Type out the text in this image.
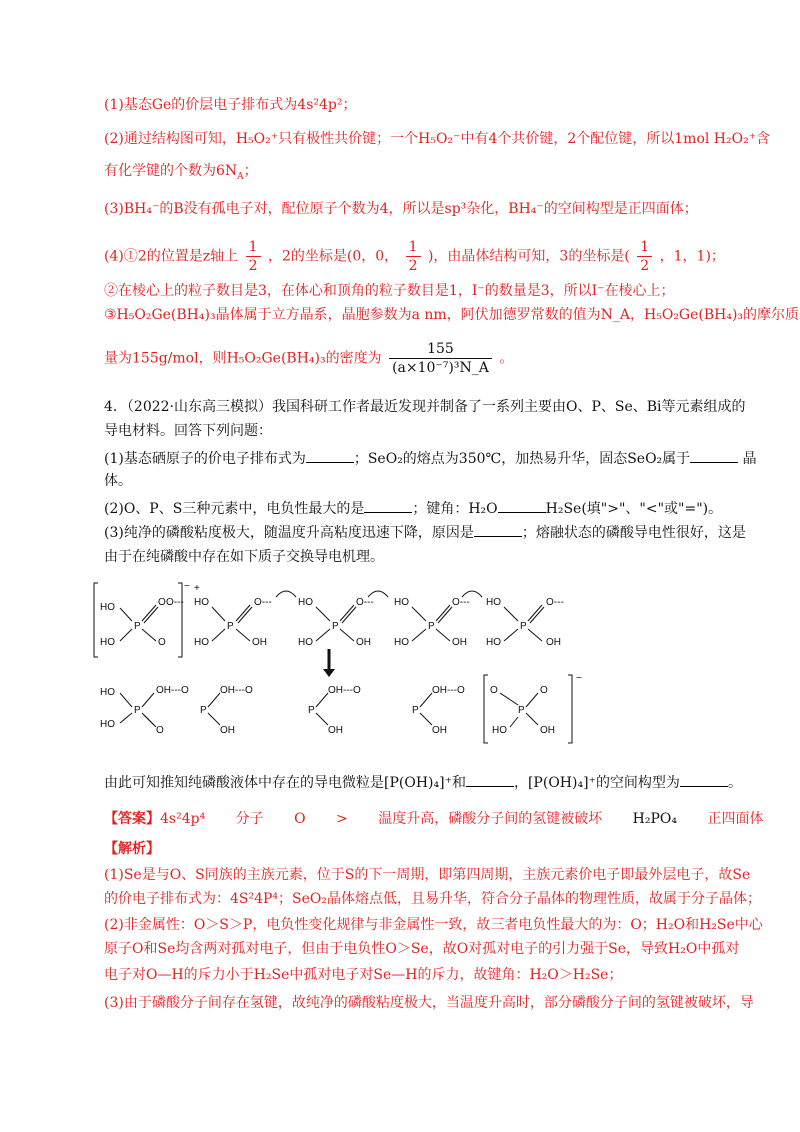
(1)基态Ge的价层电子排布式为4s²4p²；
(2)通过结构图可知，H₅O₂⁺只有极性共价键；一个H₅O₂⁻中有4个共价键，2个配位键，所以1mol H₂O₂⁺含
有化学键的个数为$6N_A$；
(3)BH₄⁻的B没有孤电子对，配位原子个数为4，所以是sp³杂化，BH₄⁻的空间构型是正四面体；
(4)①2的位置是z轴上 $\frac{1}{2}$ ，2的坐标是(0，0， $\frac{1}{2}$ )，由晶体结构可知，3的坐标是( $\frac{1}{2}$ ，1，1)；
②在棱心上的粒子数目是3，在体心和顶角的粒子数目是1，I⁻的数量是3，所以I⁻在棱心上；
③H₅O₂Ge(BH₄)₃晶体属于立方晶系，晶胞参数为a nm，阿伏加德罗常数的值为N_A，H₅O₂Ge(BH₄)₃的摩尔质
量为155g/mol，则H₅O₂Ge(BH₄)₃的密度为 $\frac{155}{\text{(a×10⁻⁷)³N\_A}}$ 。
4．（2022·山东高三模拟）我国科研工作者最近发现并制备了一系列主要由O、P、Se、Bi等元素组成的
导电材料。回答下列问题：
(1)基态硒原子的价电子排布式为	；SeO₂的熔点为350℃，加热易升华，固态SeO₂属于	晶
体。
(2)O、P、S三种元素中，电负性最大的是	；键角：H₂O	H₂Se(填">"、"<"或"=")。
(3)纯净的磷酸粘度极大，随温度升高粘度迅速下降，原因是	；熔融状态的磷酸导电性很好，这是
由于在纯磷酸中存在如下质子交换导电机理。
−
HO
HO
P
O
O
O---
+
HO
HO
P
O---
OH
HO
HO
P
O---
OH
HO
HO
P
O---
OH
HO
HO
P
O---
OH
HO
HO
P
OH---O
O
P
OH---O
OH
P
OH---O
OH
P
OH---O
OH
−
O
HO
P
O
OH
由此可知推知纯磷酸液体中存在的导电微粒是[P(OH)₄]⁺和	，[P(OH)₄]⁺的空间构型为	。
【答案】4s²4p⁴ 分子 O > 温度升高，磷酸分子间的氢键被破坏 H₂PO₄ 正四面体
【解析】
(1)Se是与O、S同族的主族元素，位于S的下一周期，即第四周期，主族元素价电子即最外层电子，故Se
的价电子排布式为：4S²4P⁴；SeO₂晶体熔点低，且易升华，符合分子晶体的物理性质，故属于分子晶体；
(2)非金属性：O＞S＞P，电负性变化规律与非金属性一致，故三者电负性最大的为：O；H₂O和H₂Se中心
原子O和Se均含两对孤对电子，但由于电负性O＞Se，故O对孤对电子的引力强于Se，导致H₂O中孤对
电子对O—H的斥力小于H₂Se中孤对电子对Se—H的斥力，故键角：H₂O＞H₂Se；
(3)由于磷酸分子间存在氢键，故纯净的磷酸粘度极大，当温度升高时，部分磷酸分子间的氢键被破坏，导
